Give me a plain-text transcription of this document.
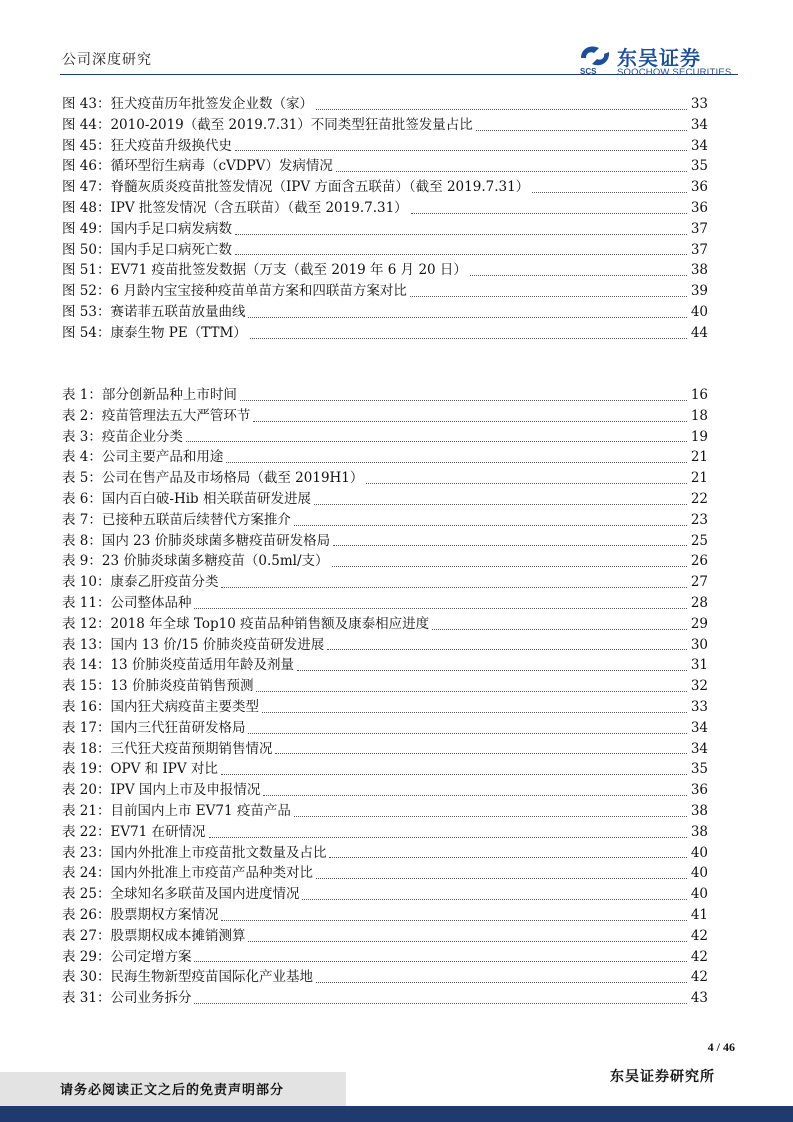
公司深度研究
SCS
东吴证券
SOOCHOW SECURITIES
图 43：狂犬疫苗历年批签发企业数（家）	33
图 44：2010-2019（截至 2019.7.31）不同类型狂苗批签发量占比	34
图 45：狂犬疫苗升级换代史	34
图 46：循环型衍生病毒（cVDPV）发病情况	35
图 47：脊髓灰质炎疫苗批签发情况（IPV 方面含五联苗）（截至 2019.7.31）	36
图 48：IPV 批签发情况（含五联苗）（截至 2019.7.31）	36
图 49：国内手足口病发病数	37
图 50：国内手足口病死亡数	37
图 51：EV71 疫苗批签发数据（万支（截至 2019 年 6 月 20 日）	38
图 52：6 月龄内宝宝接种疫苗单苗方案和四联苗方案对比	39
图 53：赛诺菲五联苗放量曲线	40
图 54：康泰生物 PE（TTM）	44
表 1：部分创新品种上市时间	16
表 2：疫苗管理法五大严管环节	18
表 3：疫苗企业分类	19
表 4：公司主要产品和用途	21
表 5：公司在售产品及市场格局（截至 2019H1）	21
表 6：国内百白破-Hib 相关联苗研发进展	22
表 7：已接种五联苗后续替代方案推介	23
表 8：国内 23 价肺炎球菌多糖疫苗研发格局	25
表 9：23 价肺炎球菌多糖疫苗（0.5ml/支）	26
表 10：康泰乙肝疫苗分类	27
表 11：公司整体品种	28
表 12：2018 年全球 Top10 疫苗品种销售额及康泰相应进度	29
表 13：国内 13 价/15 价肺炎疫苗研发进展	30
表 14：13 价肺炎疫苗适用年龄及剂量	31
表 15：13 价肺炎疫苗销售预测	32
表 16：国内狂犬病疫苗主要类型	33
表 17：国内三代狂苗研发格局	34
表 18：三代狂犬疫苗预期销售情况	34
表 19：OPV 和 IPV 对比	35
表 20：IPV 国内上市及申报情况	36
表 21：目前国内上市 EV71 疫苗产品	38
表 22：EV71 在研情况	38
表 23：国内外批准上市疫苗批文数量及占比	40
表 24：国内外批准上市疫苗产品种类对比	40
表 25：全球知名多联苗及国内进度情况	40
表 26：股票期权方案情况	41
表 27：股票期权成本摊销测算	42
表 29：公司定增方案	42
表 30：民海生物新型疫苗国际化产业基地	42
表 31：公司业务拆分	43
4 / 46
东吴证券研究所
请务必阅读正文之后的免责声明部分
